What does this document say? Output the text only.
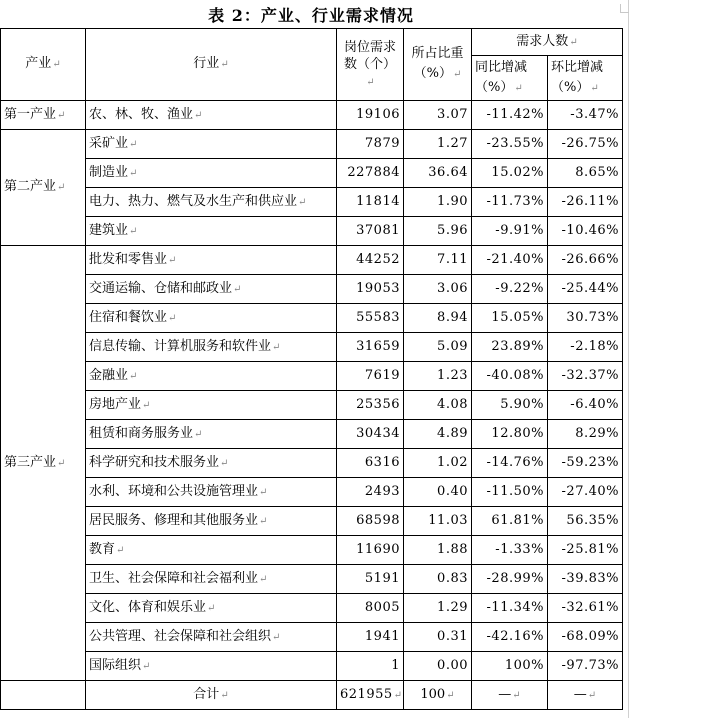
表 2：产业、行业需求情况
产业↵	行业↵	岗位需求数（个）↵	所占比重（%）↵	需求人数↵	
				同比增减（%）↵	环比增减（%）↵
第一产业↵	农、林、牧、渔业↵	19106	3.07	-11.42%	-3.47%
第二产业↵	采矿业↵	7879	1.27	-23.55%	-26.75%
	制造业↵	227884	36.64	15.02%	8.65%
	电力、热力、燃气及水生产和供应业↵	11814	1.90	-11.73%	-26.11%
	建筑业↵	37081	5.96	-9.91%	-10.46%
第三产业↵	批发和零售业↵	44252	7.11	-21.40%	-26.66%
	交通运输、仓储和邮政业↵	19053	3.06	-9.22%	-25.44%
	住宿和餐饮业↵	55583	8.94	15.05%	30.73%
	信息传输、计算机服务和软件业↵	31659	5.09	23.89%	-2.18%
	金融业↵	7619	1.23	-40.08%	-32.37%
	房地产业↵	25356	4.08	5.90%	-6.40%
	租赁和商务服务业↵	30434	4.89	12.80%	8.29%
	科学研究和技术服务业↵	6316	1.02	-14.76%	-59.23%
	水利、环境和公共设施管理业↵	2493	0.40	-11.50%	-27.40%
	居民服务、修理和其他服务业↵	68598	11.03	61.81%	56.35%
	教育↵	11690	1.88	-1.33%	-25.81%
	卫生、社会保障和社会福利业↵	5191	0.83	-28.99%	-39.83%
	文化、体育和娱乐业↵	8005	1.29	-11.34%	-32.61%
	公共管理、社会保障和社会组织↵	1941	0.31	-42.16%	-68.09%
	国际组织↵	1	0.00	100%	-97.73%
	合计↵	621955↵	100↵	—↵	—↵
